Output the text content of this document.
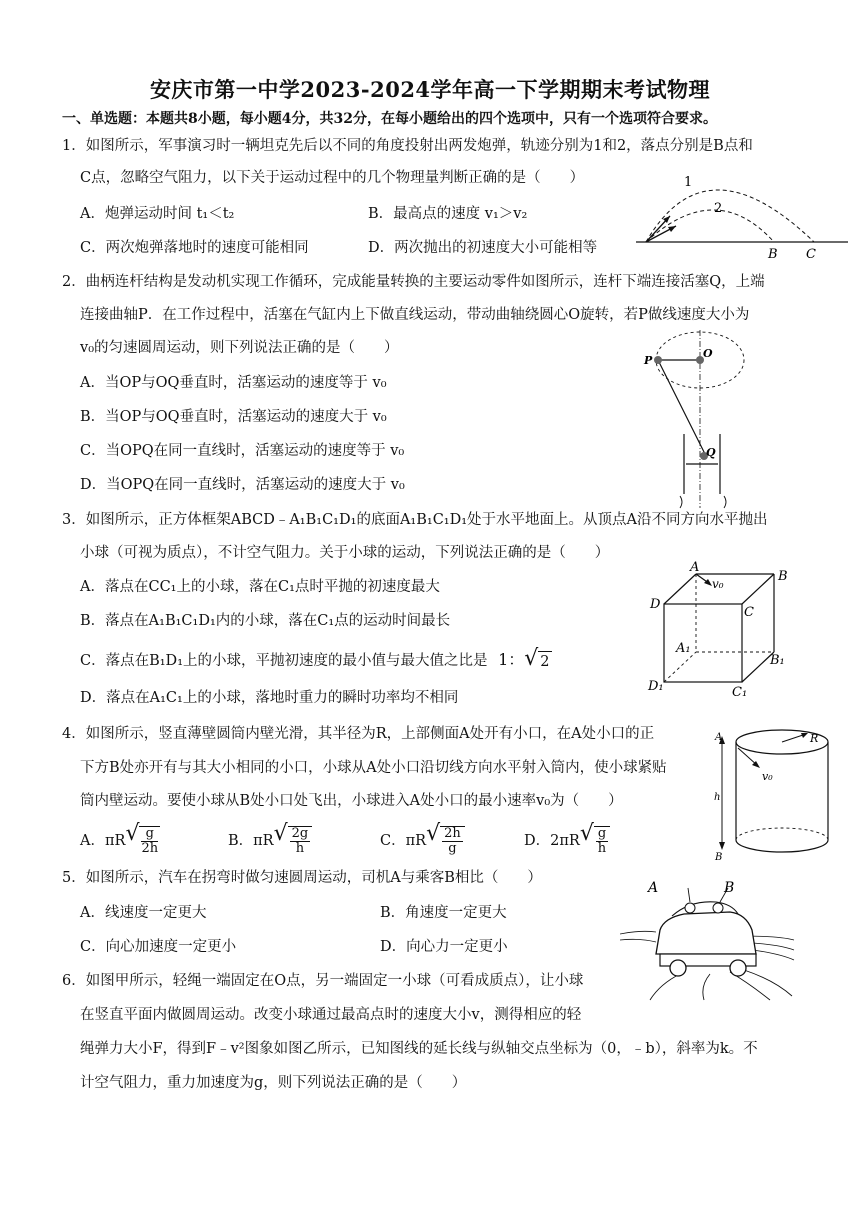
安庆市第一中学2023-2024学年高一下学期期末考试物理
一、单选题：本题共8小题，每小题4分，共32分，在每小题给出的四个选项中，只有一个选项符合要求。
1．如图所示，军事演习时一辆坦克先后以不同的角度投射出两发炮弹，轨迹分别为1和2，落点分别是B点和
C点，忽略空气阻力，以下关于运动过程中的几个物理量判断正确的是（　　）
A．炮弹运动时间 t₁＜t₂	B．最高点的速度 v₁＞v₂
C．两次炮弹落地时的速度可能相同	D．两次抛出的初速度大小可能相等
1
2
B C
2．曲柄连杆结构是发动机实现工作循环，完成能量转换的主要运动零件如图所示，连杆下端连接活塞Q，上端
连接曲轴P．在工作过程中，活塞在气缸内上下做直线运动，带动曲轴绕圆心O旋转，若P做线速度大小为
v₀的匀速圆周运动，则下列说法正确的是（　　）
A．当OP与OQ垂直时，活塞运动的速度等于 v₀
B．当OP与OQ垂直时，活塞运动的速度大于 v₀
C．当OPQ在同一直线时，活塞运动的速度等于 v₀
D．当OPQ在同一直线时，活塞运动的速度大于 v₀
P
O
Q
3．如图所示，正方体框架ABCD﹣A₁B₁C₁D₁的底面A₁B₁C₁D₁处于水平地面上。从顶点A沿不同方向水平抛出
小球（可视为质点），不计空气阻力。关于小球的运动，下列说法正确的是（　　）
A．落点在CC₁上的小球，落在C₁点时平抛的初速度最大
B．落点在A₁B₁C₁D₁内的小球，落在C₁点的运动时间最长
C．落点在B₁D₁上的小球，平抛初速度的最小值与最大值之比是 1： √ 2
D．落点在A₁C₁上的小球，落地时重力的瞬时功率均不相同
A
v₀	B
D
C
A₁
B₁
D₁	C₁
4．如图所示，竖直薄壁圆筒内壁光滑，其半径为R，上部侧面A处开有小口，在A处小口的正
下方B处亦开有与其大小相同的小口，小球从A处小口沿切线方向水平射入筒内，使小球紧贴
筒内壁运动。要使小球从B处小口处飞出，小球进入A处小口的最小速率v₀为（　　）
A．πR √ $\frac{g}{2h}$	B．πR √ $\frac{2g}{h}$	C．πR √ $\frac{2h}{g}$	D．2πR √ $\frac{g}{h}$
A	R
v₀
h
B
5．如图所示，汽车在拐弯时做匀速圆周运动，司机A与乘客B相比（　　）
A．线速度一定更大	B．角速度一定更大
C．向心加速度一定更小	D．向心力一定更小
A	B
6．如图甲所示，轻绳一端固定在O点，另一端固定一小球（可看成质点），让小球
在竖直平面内做圆周运动。改变小球通过最高点时的速度大小v，测得相应的轻
绳弹力大小F，得到F﹣v²图象如图乙所示，已知图线的延长线与纵轴交点坐标为（0，﹣b），斜率为k。不
计空气阻力，重力加速度为g，则下列说法正确的是（　　）
